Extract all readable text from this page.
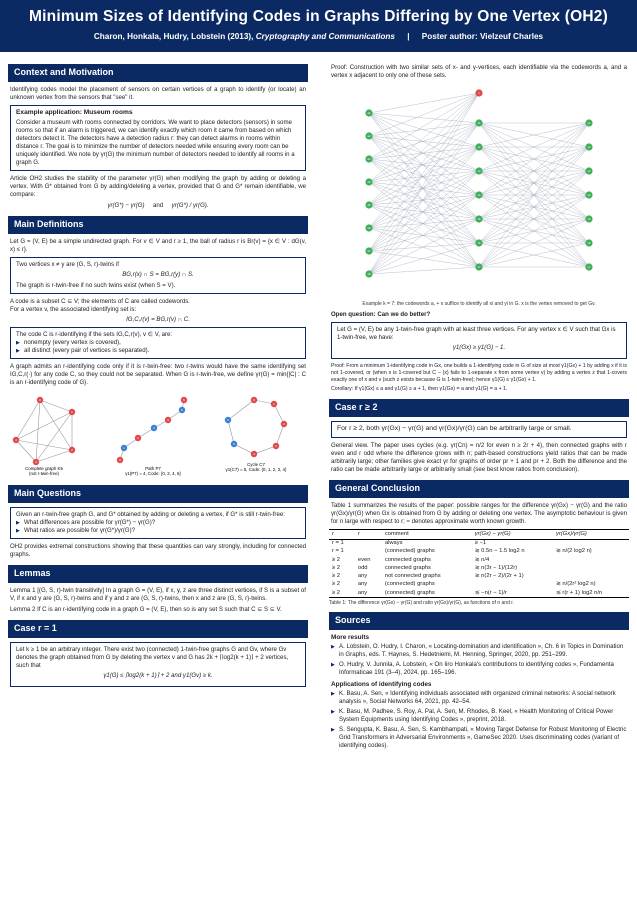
Minimum Sizes of Identifying Codes in Graphs Differing by One Vertex (OH2)
Charon, Honkala, Hudry, Lobstein (2013), Cryptography and Communications | Poster author: Vielzeuf Charles
Context and Motivation
Identifying codes model the placement of sensors on certain vertices of a graph to identify (or locate) an unknown vertex from the sensors that "see" it.
Example application: Museum rooms
Consider a museum with rooms connected by corridors. We want to place detectors (sensors) in some rooms so that if an alarm is triggered, we can identify exactly which room it came from based on which detectors detect it. The detectors have a detection radius r: they can detect alarms in rooms within distance r. The goal is to minimize the number of detectors needed while ensuring every room can be uniquely identified. We note by γr(G) the minimum number of detectors needed to identify all rooms in a graph G.
Article OH2 studies the stability of the parameter γr(G) when modifying the graph by adding or deleting a vertex. With G* obtained from G by adding/deleting a vertex, provided that G and G* remain identifiable, we compare:
γr(G*) − γr(G) and γr(G*) / γr(G).
Main Definitions
Let G = (V, E) be a simple undirected graph. For v ∈ V and r ≥ 1, the ball of radius r is Br(v) = {x ∈ V : dG(v, x) ≤ r}.
Two vertices x ≠ y are (G, S, r)-twins if
BG,r(x) ∩ S = BG,r(y) ∩ S.
The graph is r-twin-free if no such twins exist (when S = V).
A code is a subset C ⊆ V; the elements of C are called codewords.
For a vertex v, the associated identifying set is:
IG,C,r(v) = BG,r(v) ∩ C.
The code C is r-identifying if the sets IG,C,r(v), v ∈ V, are:
▶ nonempty (every vertex is covered),
▶ all distinct (every pair of vertices is separated).
A graph admits an r-identifying code only if it is r-twin-free: two r-twins would have the same identifying set IG,C,r(·) for any code C, so they could not be separated. When G is r-twin-free, we define γr(G) = min{|C| : C is an r-identifying code of G}.
0
1
2
3
4
Complete graph K5
(not r-twin-free)
0
1
2
3
4
5
6
Path P7
γ1(P7) = 4, Code: {0, 2, 4, 6}
0
1
2
3
4
5
6
Cycle C7
γ1(C7) = 5, Code: {0, 1, 2, 3, 4}
Main Questions
Given an r-twin-free graph G, and G* obtained by adding or deleting a vertex, if G* is still r-twin-free:
▶ What differences are possible for γr(G*) − γr(G)?
▶ What ratios are possible for γr(G*)/γr(G)?
OH2 provides extremal constructions showing that these quantities can vary strongly, including for connected graphs.
Lemmas
Lemma 1 [(G, S, r)-twin transitivity] In a graph G = (V, E), if x, y, z are three distinct vertices, if S is a subset of V, if x and y are (G, S, r)-twins and if y and z are (G, S, r)-twins, then x and z are (G, S, r)-twins.
Lemma 2 If C is an r-identifying code in a graph G = (V, E), then so is any set S such that C ⊆ S ⊆ V.
Case r = 1
Let k ≥ 1 be an arbitrary integer. There exist two (connected) 1-twin-free graphs G and Gv, where Gv denotes the graph obtained from G by deleting the vertex v and G has 2k + ⌈log2(k + 1)⌉ + 2 vertices, such that
γ1(G) ≤ ⌈log2(k + 1)⌉ + 2 and γ1(Gv) ≥ k.
Proof: Construction with two similar sets of x- and y-vertices, each identifiable via the codewords a, and a vertex x adjacent to only one of these sets.
x
a1
a2
a3
a4
a5
a6
a7
a8
x1
x2
x3
x4
x5
x6
x7
y1
y2
y3
y4
y5
y6
y7
Example k = 7: the codewords a, + x suffice to identify all xi and yi in G. x is the vertex removed to get Gv.
Open question: Can we do better?
Let G = (V, E) be any 1-twin-free graph with at least three vertices. For any vertex x ∈ V such that Gx is 1-twin-free, we have:
γ1(Gx) ≥ γ1(G) − 1.
Proof: From a minimum 1-identifying code in Gx, one builds a 1-identifying code in G of size at most γ1(Gx) + 1 by adding x if it is not 1-covered, or (when x is 1-covered but C − {x} fails to 1-separate x from some vertex v) by adding a vertex z that 1-covers exactly one of x and v (such z exists because G is 1-twin-free); hence γ1(G) ≤ γ1(Gx) + 1.
Corollary: If γ1(Gx) ≤ a and γ1(G) ≥ a + 1, then γ1(Gx) = a and γ1(G) = a + 1.
Case r ≥ 2
For r ≥ 2, both γr(Gx) − γr(G) and γr(Gx)/γr(G) can be arbitrarily large or small.
General view. The paper uses cycles (e.g. γr(Cn) = n/2 for even n ≥ 2r + 4), then connected graphs with r even and r odd where the difference grows with n; path-based constructions yield ratios that can be made arbitrarily large; other families give exact γr for graphs of order pr + 1 and pr + 2. Both the difference and the ratio can be made arbitrarily large or arbitrarily small (see best know ratios from conclusion).
General Conclusion
Table 1 summarizes the results of the paper: possible ranges for the difference γr(Gx) − γr(G) and the ratio γr(Gx)/γr(G) when Gx is obtained from G by adding or deleting one vertex. The asymptotic behaviour is given for n large with respect to r; ≈ denotes approximate worth known growth.
r	r	comment	γr(Gx) − γr(G)	γr(Gx)/γr(G)
r = 1		always	≥ −1	
r = 1		(connected) graphs	≳ 0.5n − 1.5 log2 n	≳ n/(2 log2 n)
≥ 2	even	connected graphs	≳ n/4	
≥ 2	odd	connected graphs	≳ n(3r − 1)/(12r)	
≥ 2	any	not connected graphs	≳ n(2r − 2)/(2r + 1)	
≥ 2	any	(connected) graphs		≳ n/(2r² log2 n)
≥ 2	any	(connected) graphs	≲ −n(r − 1)/r	≲ r(r + 1) log2 n/n
Table 1: The difference γr(Gx) − γr(G) and ratio γr(Gx)/γr(G), as functions of n and r.
Sources
More results
▶ A. Lobstein, O. Hudry, I. Charon, « Locating-domination and identification », Ch. 6 in Topics in Domination in Graphs, eds. T. Haynes, S. Hedetniemi, M. Henning, Springer, 2020, pp. 251–299.
▶ O. Hudry, V. Junnila, A. Lobstein, « On Iiro Honkala's contributions to identifying codes », Fundamenta Informaticae 191 (3–4), 2024, pp. 165–196.
Applications of identifying codes
▶ K. Basu, A. Sen, « Identifying individuals associated with organized criminal networks: A social network analysis », Social Networks 64, 2021, pp. 42–54.
▶ K. Basu, M. Padhee, S. Roy, A. Pal, A. Sen, M. Rhodes, B. Keel, « Health Monitoring of Critical Power System Equipments using Identifying Codes », preprint, 2018.
▶ S. Sengupta, K. Basu, A. Sen, S. Kambhampati, « Moving Target Defense for Robust Monitoring of Electric Grid Transformers in Adversarial Environments », GameSec 2020. Uses discriminating codes (variant of identifying codes).
